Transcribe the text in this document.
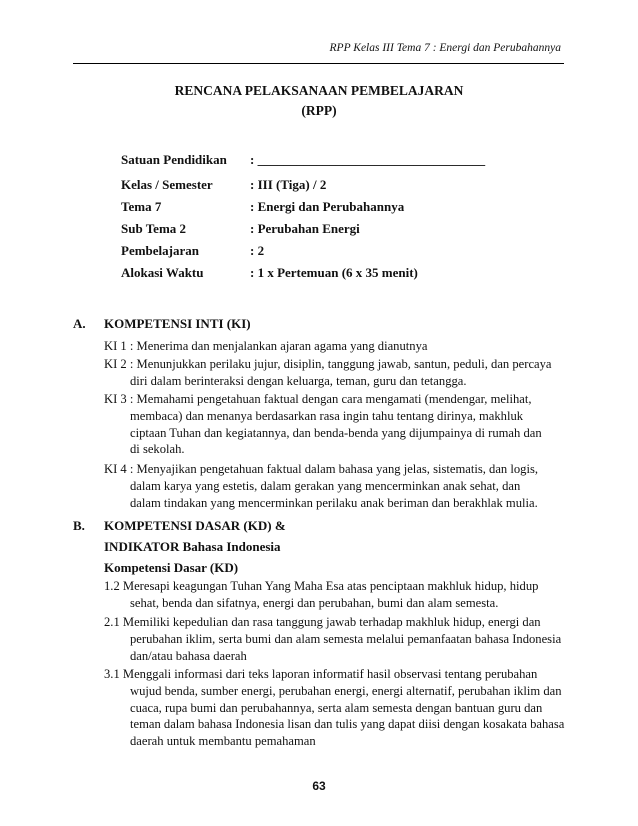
RPP Kelas III Tema 7 : Energi dan Perubahannya
RENCANA PELAKSANAAN PEMBELAJARAN
(RPP)
Satuan Pendidikan : ___________________________________
Kelas / Semester	: III (Tiga) / 2
Tema 7	: Energi dan Perubahannya
Sub Tema 2	: Perubahan Energi
Pembelajaran	: 2
Alokasi Waktu	: 1 x Pertemuan (6 x 35 menit)
A. KOMPETENSI INTI (KI)
KI 1 : Menerima dan menjalankan ajaran agama yang dianutnya
KI 2 : Menunjukkan perilaku jujur, disiplin, tanggung jawab, santun, peduli, dan percaya
diri dalam berinteraksi dengan keluarga, teman, guru dan tetangga.
KI 3 : Memahami pengetahuan faktual dengan cara mengamati (mendengar, melihat,
membaca) dan menanya berdasarkan rasa ingin tahu tentang dirinya, makhluk
ciptaan Tuhan dan kegiatannya, dan benda-benda yang dijumpainya di rumah dan
di sekolah.
KI 4 : Menyajikan pengetahuan faktual dalam bahasa yang jelas, sistematis, dan logis,
dalam karya yang estetis, dalam gerakan yang mencerminkan anak sehat, dan
dalam tindakan yang mencerminkan perilaku anak beriman dan berakhlak mulia.
B. KOMPETENSI DASAR (KD) &
INDIKATOR Bahasa Indonesia
Kompetensi Dasar (KD)
1.2 Meresapi keagungan Tuhan Yang Maha Esa atas penciptaan makhluk hidup, hidup
sehat, benda dan sifatnya, energi dan perubahan, bumi dan alam semesta.
2.1 Memiliki kepedulian dan rasa tanggung jawab terhadap makhluk hidup, energi dan
perubahan iklim, serta bumi dan alam semesta melalui pemanfaatan bahasa Indonesia
dan/atau bahasa daerah
3.1 Menggali informasi dari teks laporan informatif hasil observasi tentang perubahan
wujud benda, sumber energi, perubahan energi, energi alternatif, perubahan iklim dan
cuaca, rupa bumi dan perubahannya, serta alam semesta dengan bantuan guru dan
teman dalam bahasa Indonesia lisan dan tulis yang dapat diisi dengan kosakata bahasa
daerah untuk membantu pemahaman
63
